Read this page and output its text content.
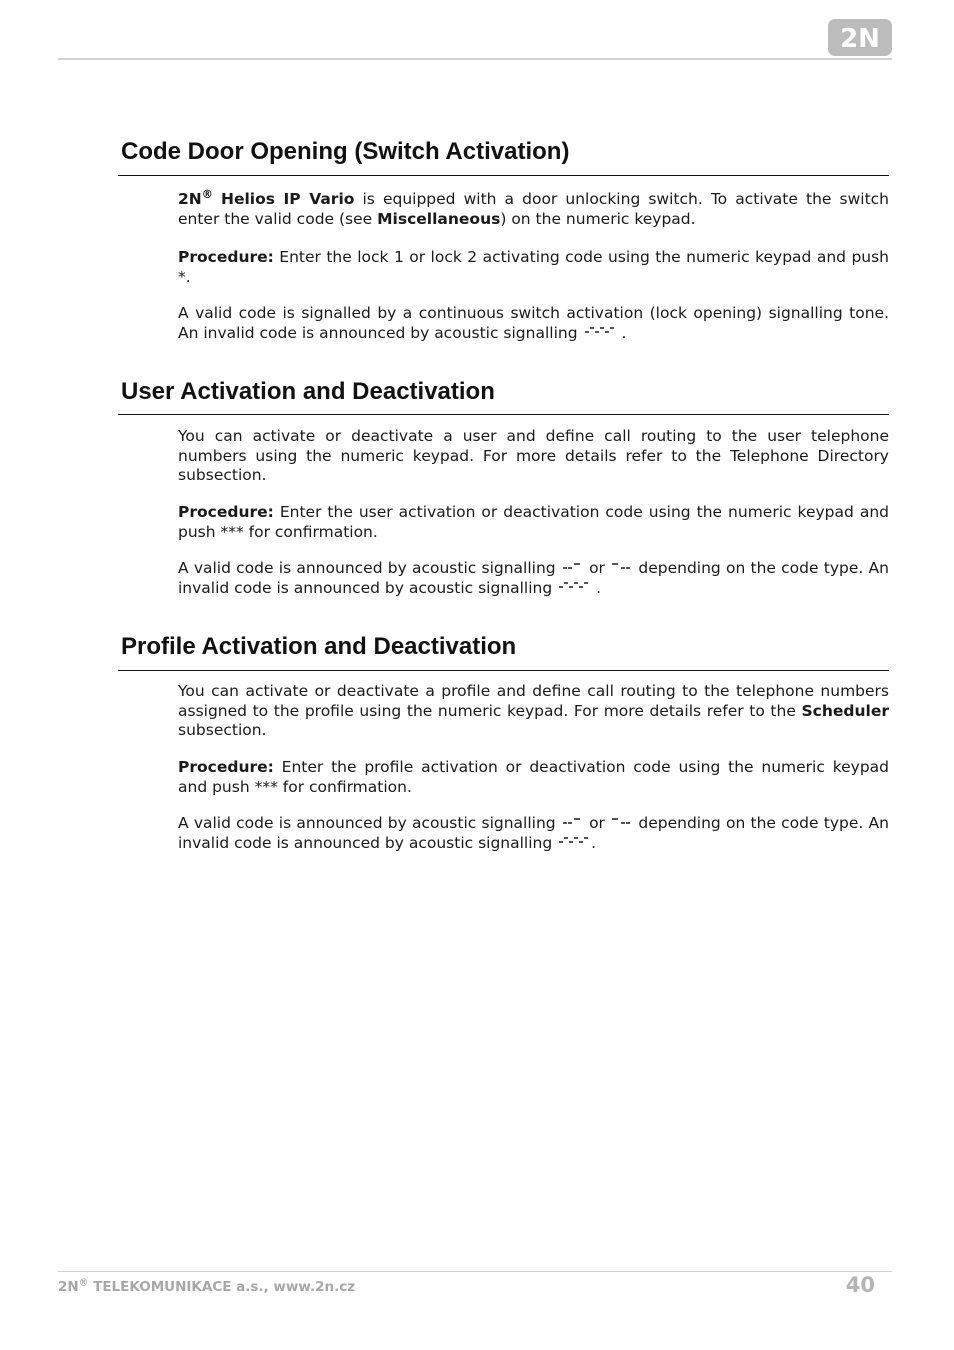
2N
Code Door Opening (Switch Activation)

2N® Helios IP Vario is equipped with a door unlocking switch. To activate the switch enter the valid code (see Miscellaneous) on the numeric keypad.

Procedure: Enter the lock 1 or lock 2 activating code using the numeric keypad and push *.

A valid code is signalled by a continuous switch activation (lock opening) signalling tone. An invalid code is announced by acoustic signalling	.

User Activation and Deactivation

You can activate or deactivate a user and define call routing to the user telephone numbers using the numeric keypad. For more details refer to the Telephone Directory subsection.

Procedure: Enter the user activation or deactivation code using the numeric keypad and push *** for confirmation.

A valid code is announced by acoustic signalling or depending on the code type. An invalid code is announced by acoustic signalling	.

Profile Activation and Deactivation

You can activate or deactivate a profile and define call routing to the telephone numbers assigned to the profile using the numeric keypad. For more details refer to the Scheduler subsection.

Procedure: Enter the profile activation or deactivation code using the numeric keypad and push *** for confirmation.

A valid code is announced by acoustic signalling or depending on the code type. An invalid code is announced by acoustic signalling	.

2N® TELEKOMUNIKACE a.s., www.2n.cz	40
